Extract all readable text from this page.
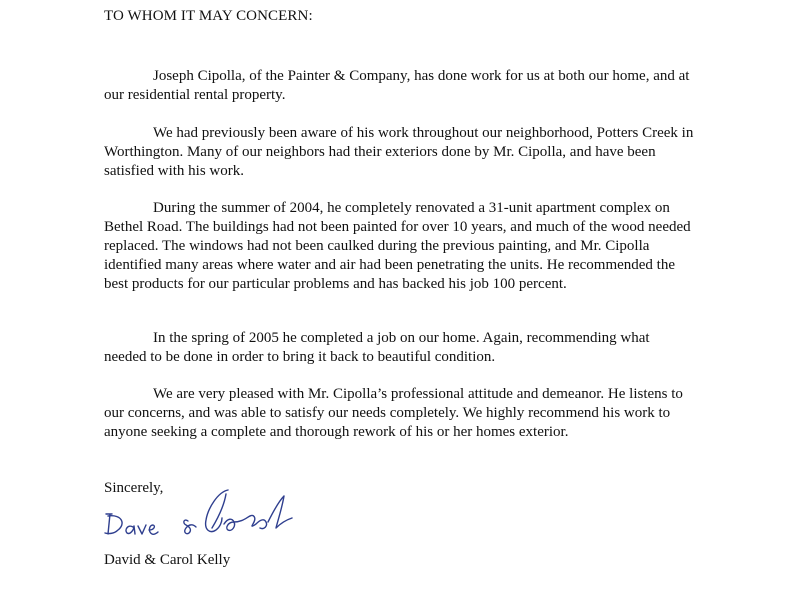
TO WHOM IT MAY CONCERN:

Joseph Cipolla, of the Painter & Company, has done work for us at both our home, and at our residential rental property.

We had previously been aware of his work throughout our neighborhood, Potters Creek in Worthington. Many of our neighbors had their exteriors done by Mr. Cipolla, and have been satisfied with his work.

During the summer of 2004, he completely renovated a 31-unit apartment complex on Bethel Road. The buildings had not been painted for over 10 years, and much of the wood needed replaced. The windows had not been caulked during the previous painting, and Mr. Cipolla identified many areas where water and air had been penetrating the units. He recommended the best products for our particular problems and has backed his job 100 percent.

In the spring of 2005 he completed a job on our home. Again, recommending what needed to be done in order to bring it back to beautiful condition.

We are very pleased with Mr. Cipolla’s professional attitude and demeanor. He listens to our concerns, and was able to satisfy our needs completely. We highly recommend his work to anyone seeking a complete and thorough rework of his or her homes exterior.

Sincerely,
David & Carol Kelly
